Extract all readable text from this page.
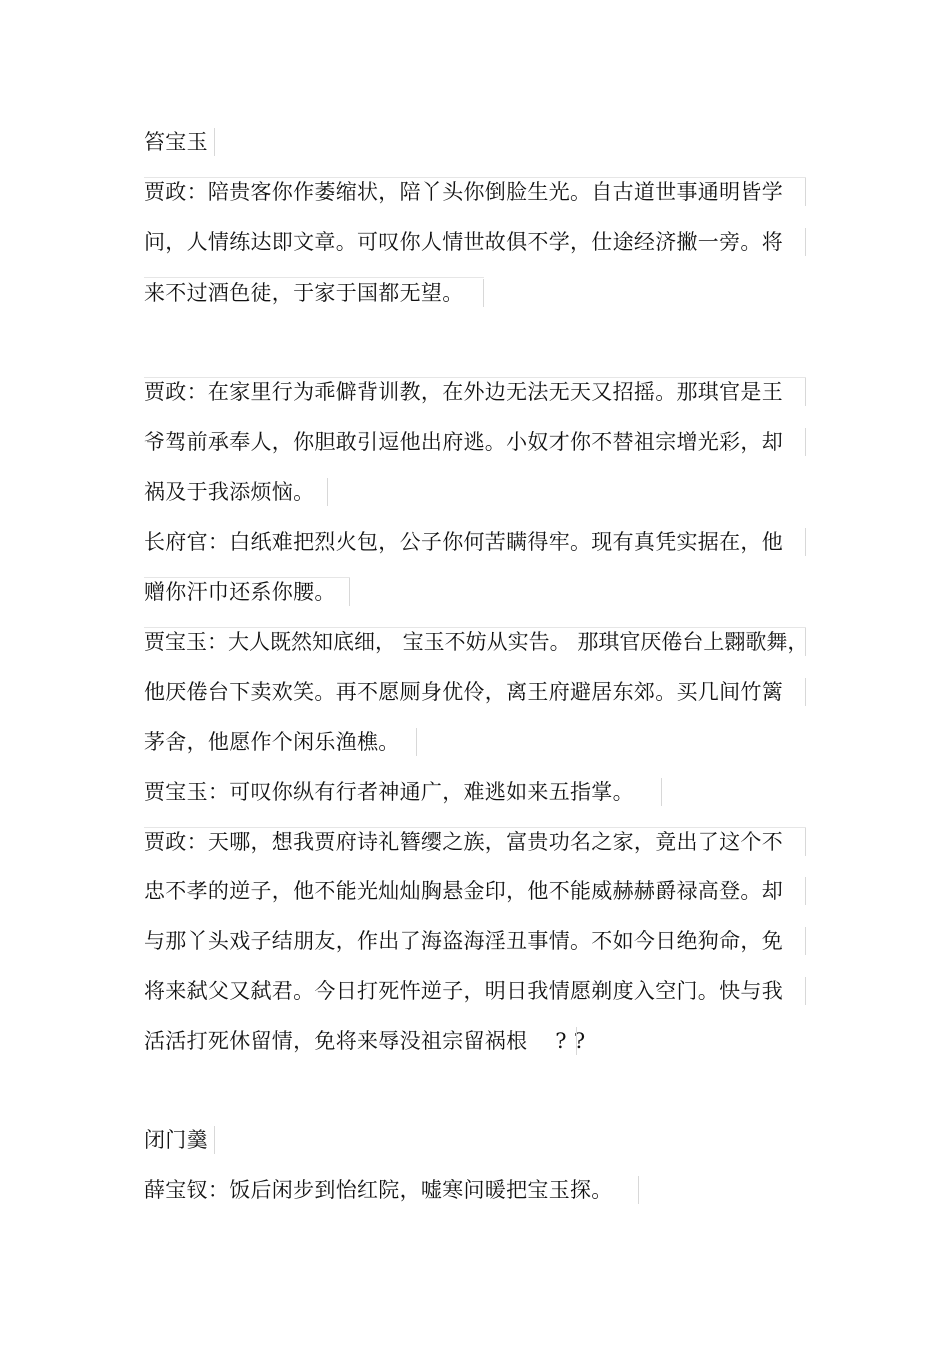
笞宝玉
贾政：陪贵客你作萎缩状，陪丫头你倒脸生光。自古道世事通明皆学
问，人情练达即文章。可叹你人情世故俱不学，仕途经济撇一旁。将
来不过酒色徒，于家于国都无望。
贾政：在家里行为乖僻背训教，在外边无法无天又招摇。那琪官是王
爷驾前承奉人，你胆敢引逗他出府逃。小奴才你不替祖宗增光彩，却
祸及于我添烦恼。
长府官：白纸难把烈火包，公子你何苦瞒得牢。现有真凭实据在，他
赠你汗巾还系你腰。
贾宝玉：大人既然知底细， 宝玉不妨从实告。 那琪官厌倦台上翾歌舞，
他厌倦台下卖欢笑。再不愿厕身优伶，离王府避居东郊。买几间竹篱
茅舍，他愿作个闲乐渔樵。
贾宝玉：可叹你纵有行者神通广，难逃如来五指掌。
贾政：天哪，想我贾府诗礼簪缨之族，富贵功名之家，竟出了这个不
忠不孝的逆子，他不能光灿灿胸悬金印，他不能威赫赫爵禄高登。却
与那丫头戏子结朋友，作出了海盗海淫丑事情。不如今日绝狗命，免
将来弑父又弑君。今日打死忤逆子，明日我情愿剃度入空门。快与我
活活打死休留情，免将来辱没祖宗留祸根    ? ?
闭门羹
薛宝钗：饭后闲步到怡红院，嘘寒问暖把宝玉探。
